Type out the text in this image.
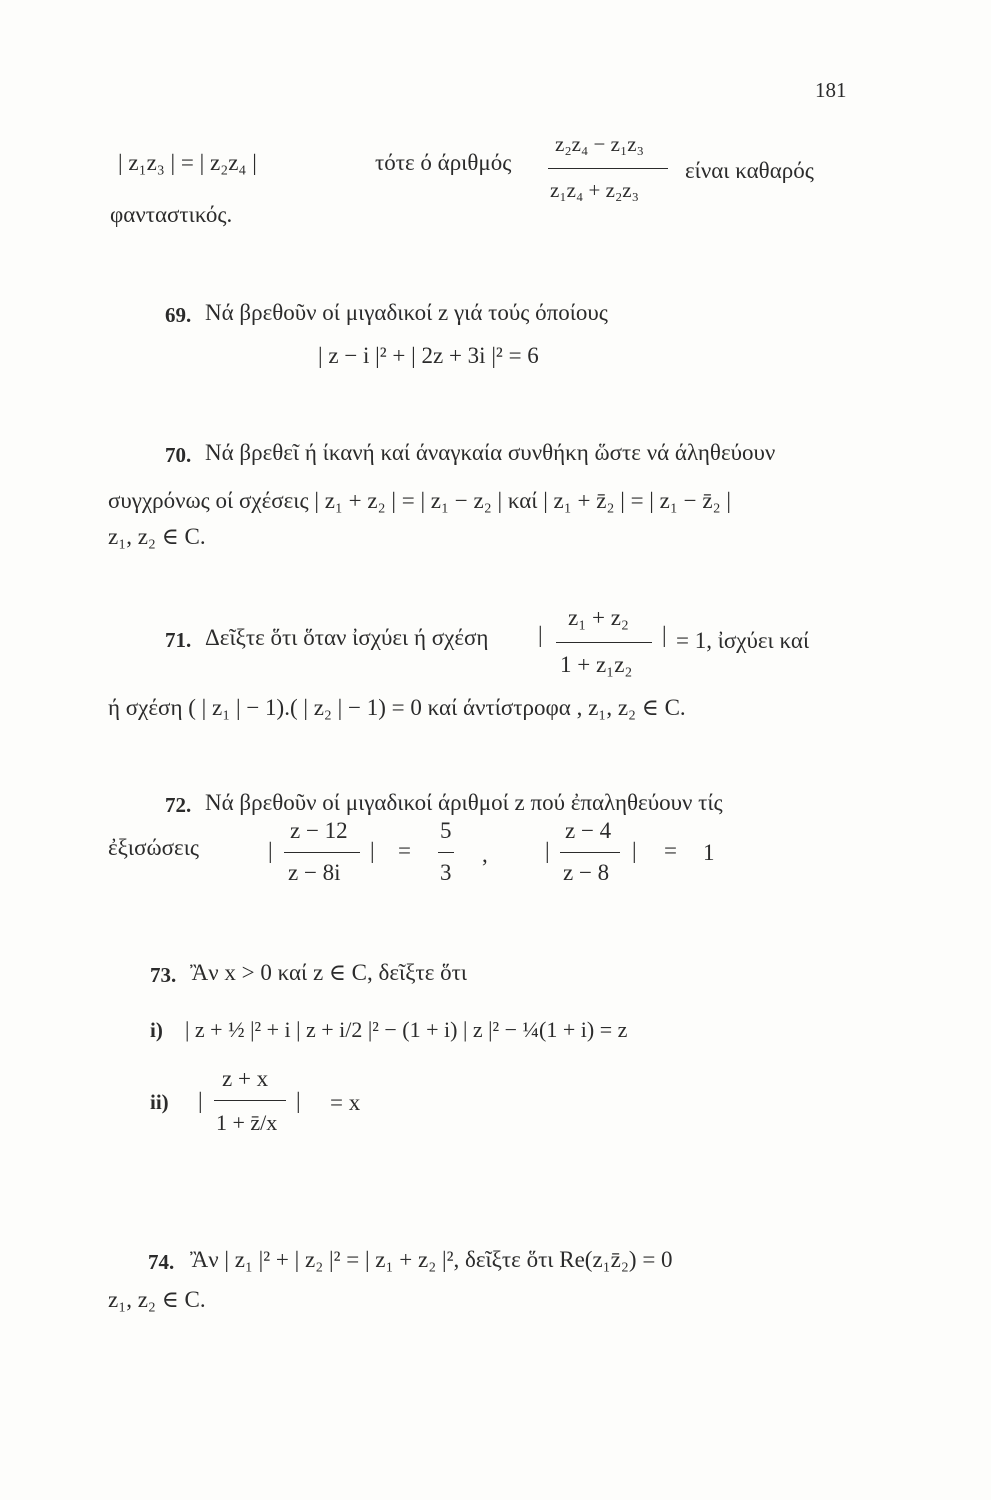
181
| z₁z₃ | = | z₂z₄ |	τότε ό άριθμός
z₂z₄ − z₁z₃
z₁z₄ + z₂z₃
είναι καθαρός
φανταστικός.
69. Νά βρεθοῦν οί μιγαδικοί z γιά τούς όποίους
| z − i |² + | 2z + 3i |² = 6
70. Νά βρεθεῖ ή ίκανή καί άναγκαία συνθήκη ὥστε νά άληθεύουν
συγχρόνως οί σχέσεις | z₁ + z₂ | = | z₁ − z₂ | καί | z₁ + z̄₂ | = | z₁ − z̄₂ |
z₁, z₂ ∈ C.
71. Δεῖξτε ὅτι ὅταν ἰσχύει ή σχέση |
z₁ + z₂
1 + z₁z₂
| = 1, ἰσχύει καί
ή σχέση ( | z₁ | − 1).( | z₂ | − 1) = 0 καί άντίστροφα , z₁, z₂ ∈ C.
72. Νά βρεθοῦν οί μιγαδικοί άριθμοί z πού ἐπαληθεύουν τίς
ἐξισώσεις	|
z − 12
z − 8i
| =
5
3
, |
z − 4
z − 8
| = 1
73. Ἂν x > 0 καί z ∈ C, δεῖξτε ὅτι
i) | z + ½ |² + i | z + i/2 |² − (1 + i) | z |² − ¼(1 + i) = z
ii) |
z + x
1 + z̄/x
| = x
74. Ἂν | z₁ |² + | z₂ |² = | z₁ + z₂ |², δεῖξτε ὅτι Re(z₁z̄₂) = 0
z₁, z₂ ∈ C.
